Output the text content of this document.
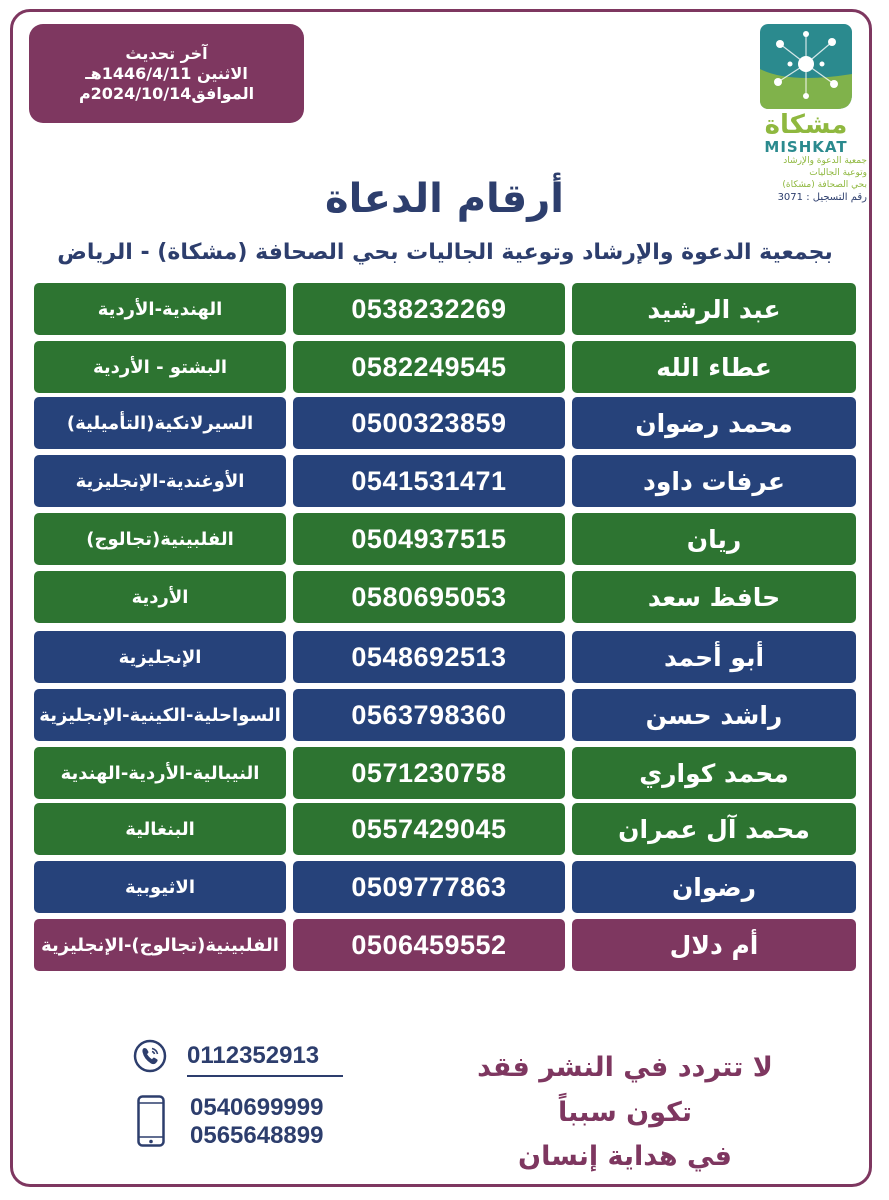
آخر تحديث
الاثنين 1446/4/11هـ
الموافق2024/10/14م
مشكاة
MISHKAT
جمعية الدعوة والإرشاد
وتوعية الجاليات
بحي الصحافة (مشكاة)
رقم التسجيل : 3071
أرقام الدعاة
بجمعية الدعوة والإرشاد وتوعية الجاليات بحي الصحافة (مشكاة) - الرياض
الهندية-الأردية	0538232269	عبد الرشيد
البشتو - الأردية	0582249545	عطاء الله
السيرلانكية(التأميلية)	0500323859	محمد رضوان
الأوغندية-الإنجليزية	0541531471	عرفات داود
الفلبينية(تجالوج)	0504937515	ريان
الأردية	0580695053	حافظ سعد
الإنجليزية	0548692513	أبو أحمد
السواحلية-الكينية-الإنجليزية	0563798360	راشد حسن
النيبالية-الأردية-الهندية	0571230758	محمد كواري
البنغالية	0557429045	محمد آل عمران
الاثيوبية	0509777863	رضوان
الفلبينية(تجالوج)-الإنجليزية	0506459552	أم دلال
لا تتردد في النشر فقد تكون سبباً
في هداية إنسان
0112352913
0540699999
0565648899
